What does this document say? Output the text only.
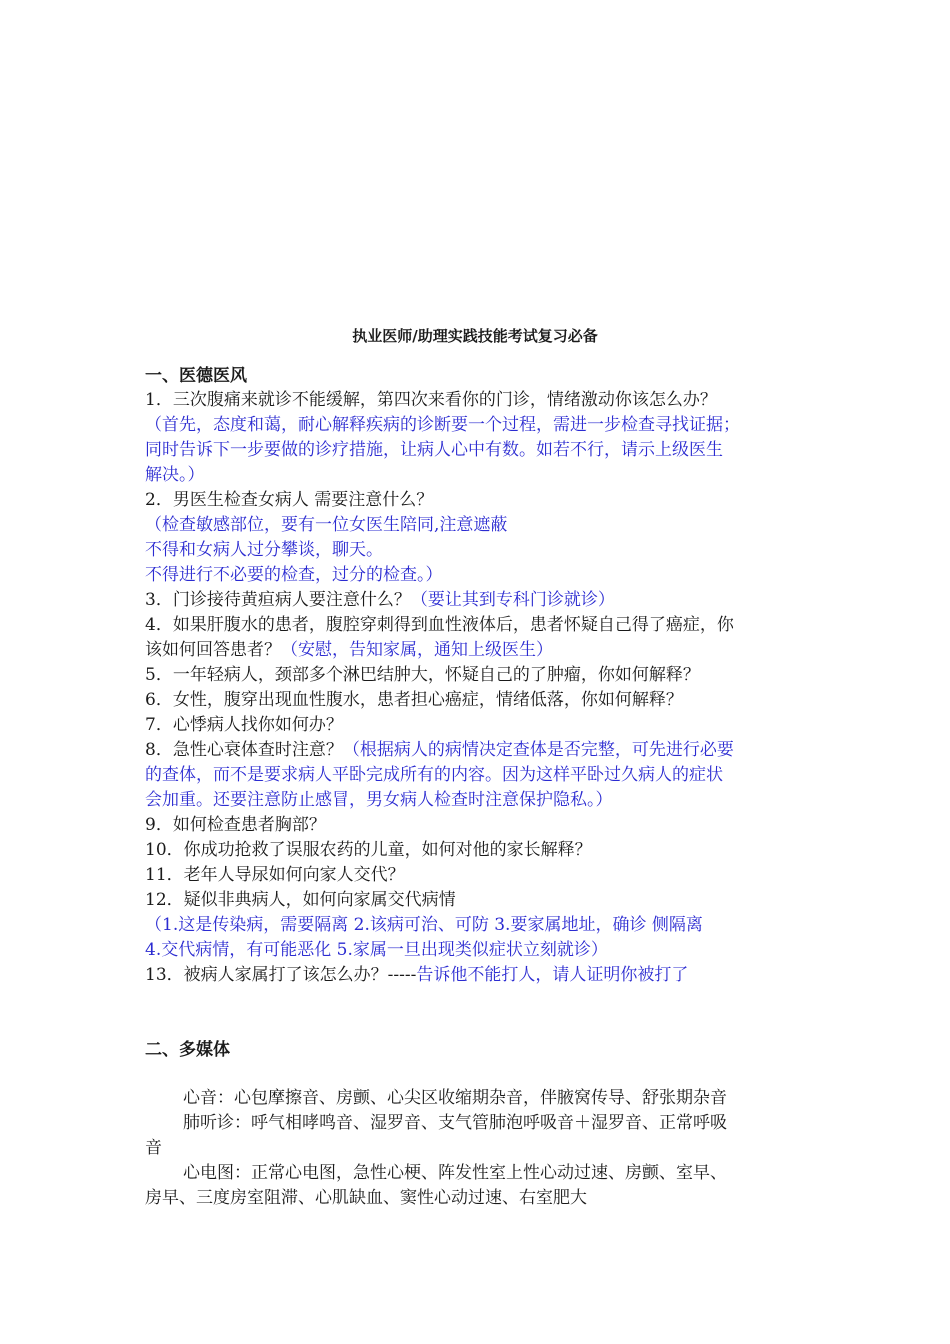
执业医师/助理实践技能考试复习必备
一、医德医风
1．三次腹痛来就诊不能缓解，第四次来看你的门诊，情绪激动你该怎么办？
（首先，态度和蔼，耐心解释疾病的诊断要一个过程，需进一步检查寻找证据；
同时告诉下一步要做的诊疗措施，让病人心中有数。如若不行，请示上级医生
解决。）
2．男医生检查女病人 需要注意什么？
（检查敏感部位，要有一位女医生陪同,注意遮蔽
不得和女病人过分攀谈，聊天。
不得进行不必要的检查，过分的检查。）
3．门诊接待黄疸病人要注意什么？（要让其到专科门诊就诊）
4．如果肝腹水的患者，腹腔穿刺得到血性液体后，患者怀疑自己得了癌症，你
该如何回答患者？（安慰，告知家属，通知上级医生）
5．一年轻病人，颈部多个淋巴结肿大，怀疑自己的了肿瘤，你如何解释？
6．女性，腹穿出现血性腹水，患者担心癌症，情绪低落，你如何解释？
7．心悸病人找你如何办？
8．急性心衰体查时注意？（根据病人的病情决定查体是否完整，可先进行必要
的查体，而不是要求病人平卧完成所有的内容。因为这样平卧过久病人的症状
会加重。还要注意防止感冒，男女病人检查时注意保护隐私。）
9．如何检查患者胸部？
10．你成功抢救了误服农药的儿童，如何对他的家长解释？
11．老年人导尿如何向家人交代？
12．疑似非典病人，如何向家属交代病情
（1.这是传染病，需要隔离 2.该病可治、可防 3.要家属地址，确诊 侧隔离
4.交代病情，有可能恶化 5.家属一旦出现类似症状立刻就诊）
13．被病人家属打了该怎么办？-----告诉他不能打人，请人证明你被打了
二、多媒体
心音：心包摩擦音、房颤、心尖区收缩期杂音，伴腋窝传导、舒张期杂音
肺听诊：呼气相哮鸣音、湿罗音、支气管肺泡呼吸音＋湿罗音、正常呼吸
音
心电图：正常心电图，急性心梗、阵发性室上性心动过速、房颤、室早、
房早、三度房室阻滞、心肌缺血、窦性心动过速、右室肥大
